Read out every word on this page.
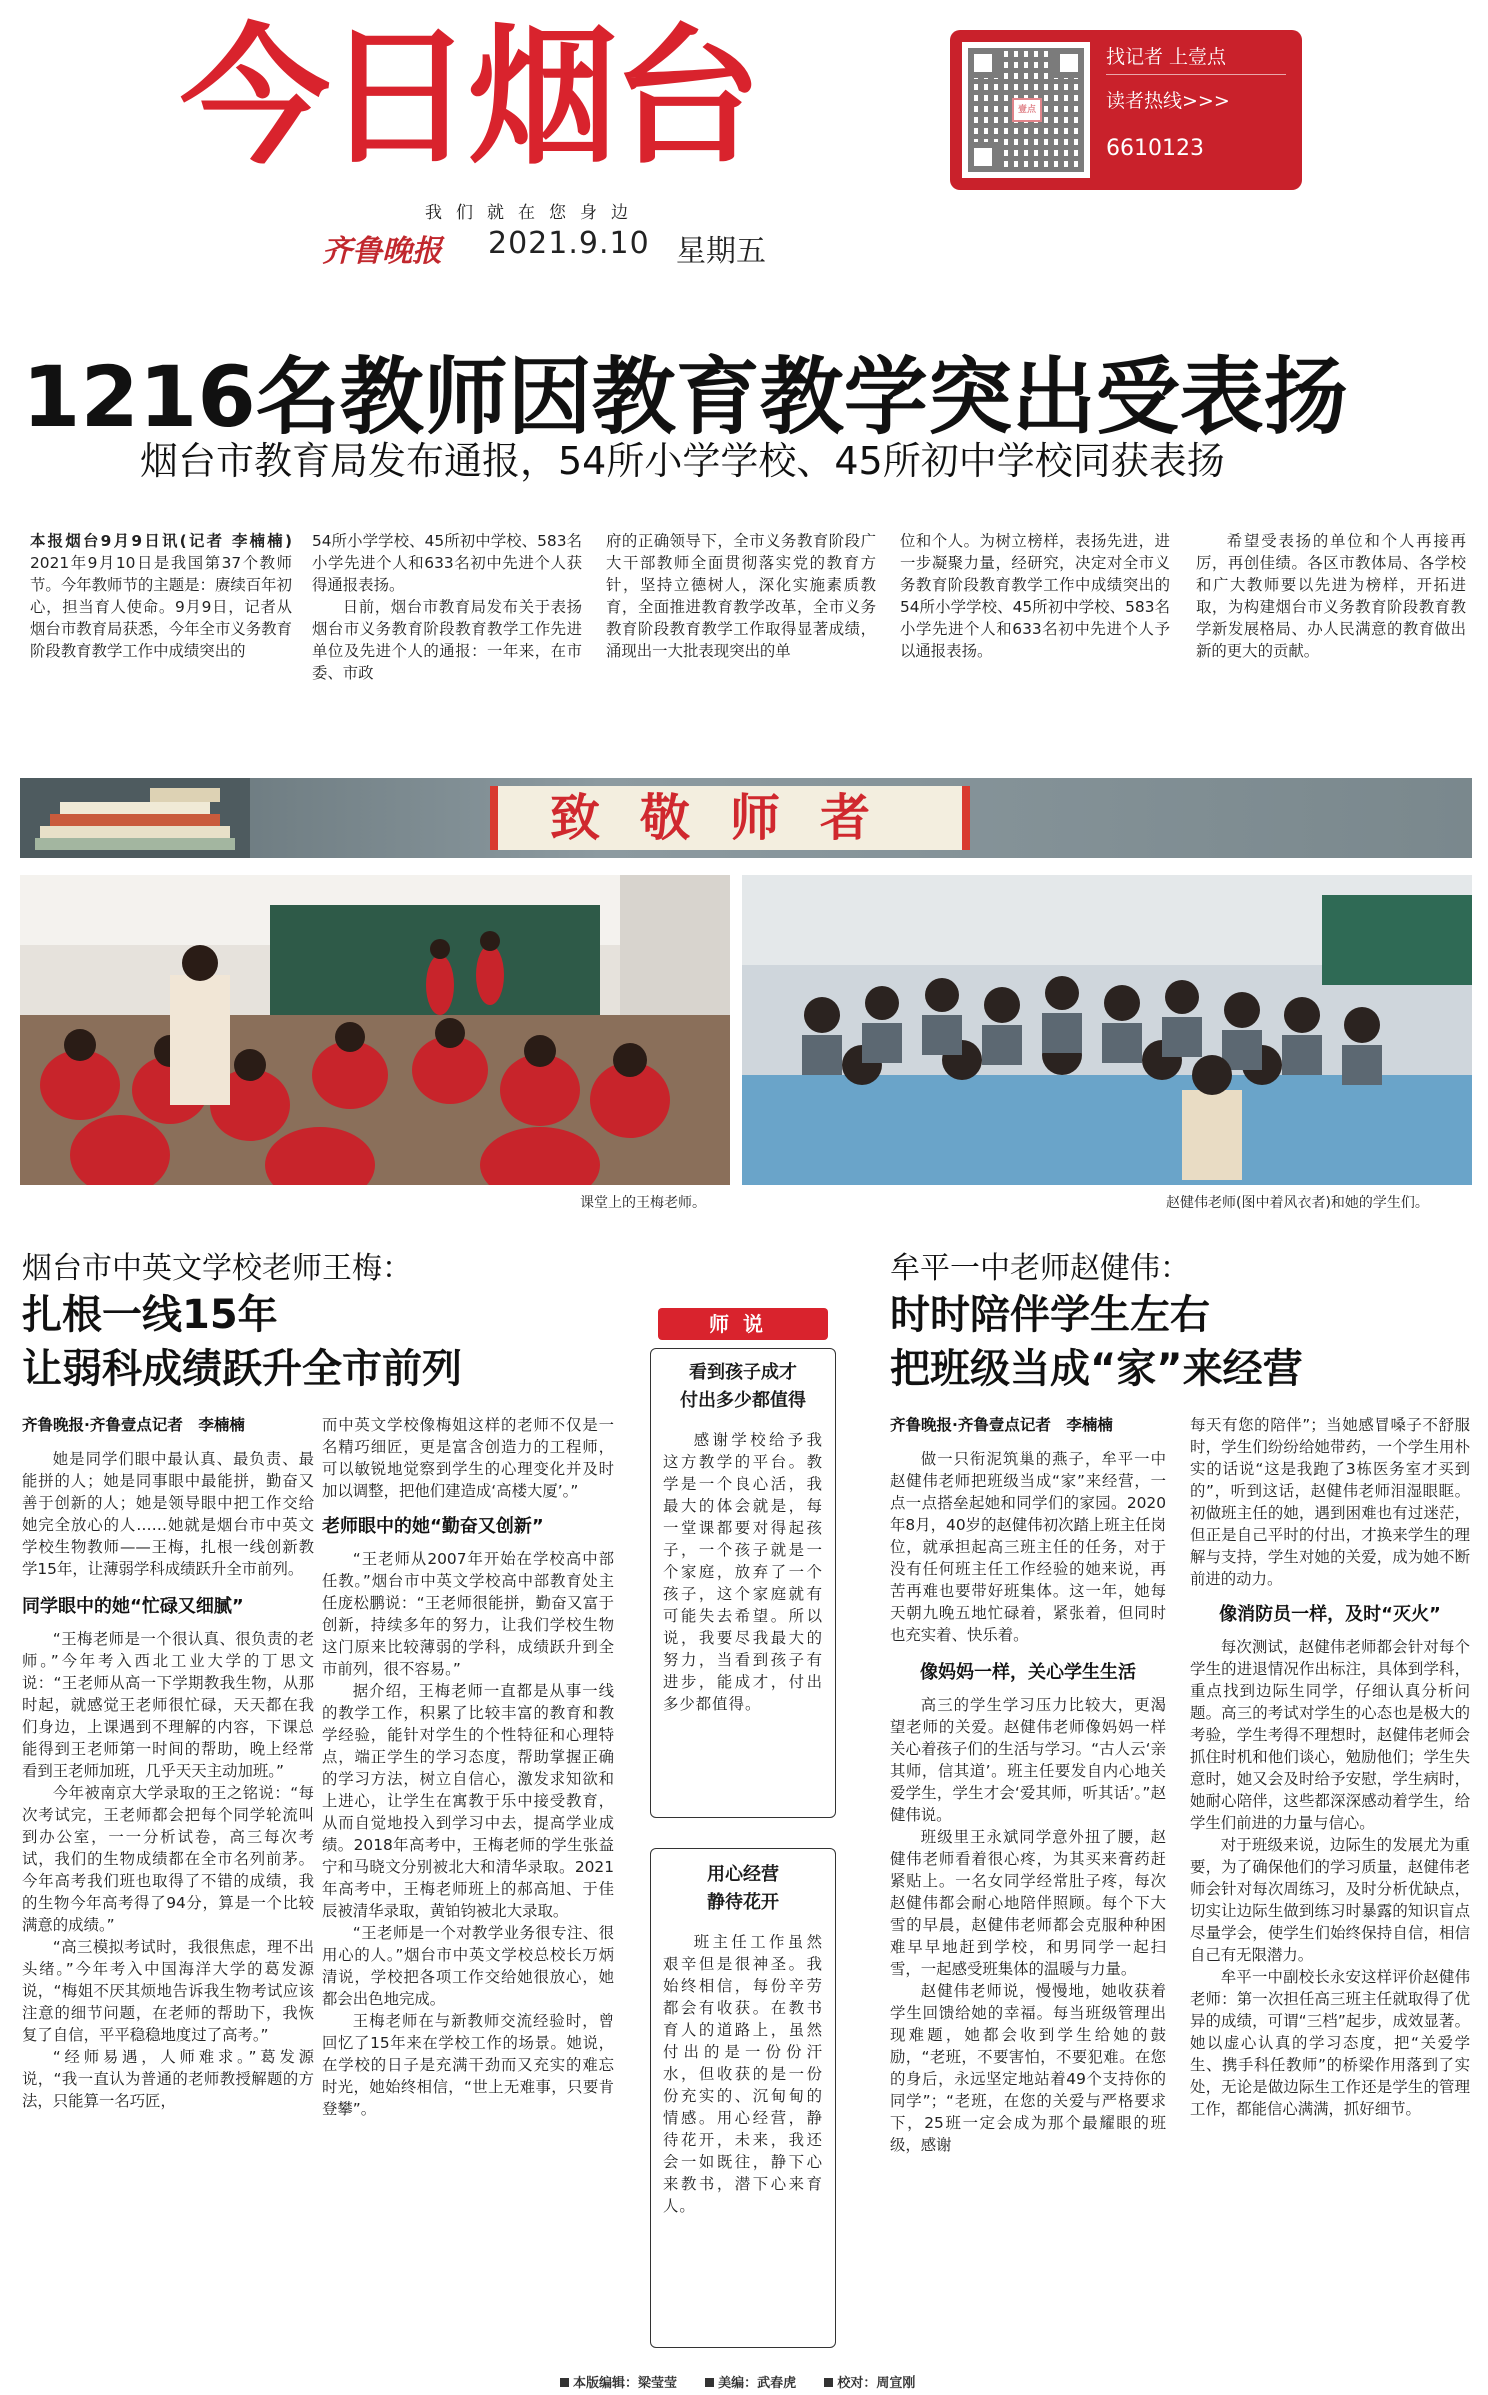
今日烟台
我们就在您身边
齐鲁晚报 2021.9.10 星期五
壹点
找记者 上壹点
读者热线>>>
6610123
1216名教师因教育教学突出受表扬
烟台市教育局发布通报，54所小学学校、45所初中学校同获表扬
本报烟台9月9日讯(记者 李楠楠) 2021年9月10日是我国第37个教师节。今年教师节的主题是：赓续百年初心，担当育人使命。9月9日，记者从烟台市教育局获悉，今年全市义务教育阶段教育教学工作中成绩突出的

54所小学学校、45所初中学校、583名小学先进个人和633名初中先进个人获得通报表扬。

日前，烟台市教育局发布关于表扬烟台市义务教育阶段教育教学工作先进单位及先进个人的通报：一年来，在市委、市政

府的正确领导下，全市义务教育阶段广大干部教师全面贯彻落实党的教育方针，坚持立德树人，深化实施素质教育，全面推进教育教学改革，全市义务教育阶段教育教学工作取得显著成绩，涌现出一大批表现突出的单
位和个人。为树立榜样，表扬先进，进一步凝聚力量，经研究，决定对全市义务教育阶段教育教学工作中成绩突出的54所小学学校、45所初中学校、583名小学先进个人和633名初中先进个人予以通报表扬。

希望受表扬的单位和个人再接再厉，再创佳绩。各区市教体局、各学校和广大教师要以先进为榜样，开拓进取，为构建烟台市义务教育阶段教育教学新发展格局、办人民满意的教育做出新的更大的贡献。

致敬师者
课堂上的王梅老师。	赵健伟老师(图中着风衣者)和她的学生们。
烟台市中英文学校老师王梅：
扎根一线15年
让弱科成绩跃升全市前列

齐鲁晚报·齐鲁壹点记者　李楠楠

她是同学们眼中最认真、最负责、最能拼的人；她是同事眼中最能拼，勤奋又善于创新的人；她是领导眼中把工作交给她完全放心的人……她就是烟台市中英文学校生物教师——王梅，扎根一线创新教学15年，让薄弱学科成绩跃升全市前列。

同学眼中的她“忙碌又细腻”

“王梅老师是一个很认真、很负责的老师。”今年考入西北工业大学的丁思文说：“王老师从高一下学期教我生物，从那时起，就感觉王老师很忙碌，天天都在我们身边，上课遇到不理解的内容，下课总能得到王老师第一时间的帮助，晚上经常看到王老师加班，几乎天天主动加班。”

今年被南京大学录取的王之铭说：“每次考试完，王老师都会把每个同学轮流叫到办公室，一一分析试卷，高三每次考试，我们的生物成绩都在全市名列前茅。今年高考我们班也取得了不错的成绩，我的生物今年高考得了94分，算是一个比较满意的成绩。”

“高三模拟考试时，我很焦虑，理不出头绪。”今年考入中国海洋大学的葛发源说，“梅姐不厌其烦地告诉我生物考试应该注意的细节问题，在老师的帮助下，我恢复了自信，平平稳稳地度过了高考。”

“经师易遇，人师难求。”葛发源说，“我一直认为普通的老师教授解题的方法，只能算一名巧匠，

而中英文学校像梅姐这样的老师不仅是一名精巧细匠，更是富含创造力的工程师，可以敏锐地觉察到学生的心理变化并及时加以调整，把他们建造成‘高楼大厦’。”

老师眼中的她“勤奋又创新”

“王老师从2007年开始在学校高中部任教。”烟台市中英文学校高中部教育处主任庞松鹏说：“王老师很能拼，勤奋又富于创新，持续多年的努力，让我们学校生物这门原来比较薄弱的学科，成绩跃升到全市前列，很不容易。”

据介绍，王梅老师一直都是从事一线的教学工作，积累了比较丰富的教育和教学经验，能针对学生的个性特征和心理特点，端正学生的学习态度，帮助掌握正确的学习方法，树立自信心，激发求知欲和上进心，让学生在寓教于乐中接受教育，从而自觉地投入到学习中去，提高学业成绩。2018年高考中，王梅老师的学生张益宁和马晓文分别被北大和清华录取。2021年高考中，王梅老师班上的郝高旭、于佳辰被清华录取，黄铂钧被北大录取。

“王老师是一个对教学业务很专注、很用心的人。”烟台市中英文学校总校长万炳清说，学校把各项工作交给她很放心，她都会出色地完成。

王梅老师在与新教师交流经验时，曾回忆了15年来在学校工作的场景。她说，在学校的日子是充满干劲而又充实的难忘时光，她始终相信，“世上无难事，只要肯登攀”。

师说
看到孩子成才
付出多少都值得
感谢学校给予我这方教学的平台。教学是一个良心活，我最大的体会就是，每一堂课都要对得起孩子，一个孩子就是一个家庭，放弃了一个孩子，这个家庭就有可能失去希望。所以说，我要尽我最大的努力，当看到孩子有进步，能成才，付出多少都值得。
用心经营
静待花开
班主任工作虽然艰辛但是很神圣。我始终相信，每份辛劳都会有收获。在教书育人的道路上，虽然付出的是一份份汗水，但收获的是一份份充实的、沉甸甸的情感。用心经营，静待花开，未来，我还会一如既往，静下心来教书，潜下心来育人。
牟平一中老师赵健伟：
时时陪伴学生左右
把班级当成“家”来经营

齐鲁晚报·齐鲁壹点记者　李楠楠

做一只衔泥筑巢的燕子，牟平一中赵健伟老师把班级当成“家”来经营，一点一点搭垒起她和同学们的家园。2020年8月，40岁的赵健伟初次踏上班主任岗位，就承担起高三班主任的任务，对于没有任何班主任工作经验的她来说，再苦再难也要带好班集体。这一年，她每天朝九晚五地忙碌着，紧张着，但同时也充实着、快乐着。

像妈妈一样，关心学生生活

高三的学生学习压力比较大，更渴望老师的关爱。赵健伟老师像妈妈一样关心着孩子们的生活与学习。“古人云‘亲其师，信其道’。班主任要发自内心地关爱学生，学生才会‘爱其师，听其话’。”赵健伟说。

班级里王永斌同学意外扭了腰，赵健伟老师看着很心疼，为其买来膏药赶紧贴上。一名女同学经常肚子疼，每次赵健伟都会耐心地陪伴照顾。每个下大雪的早晨，赵健伟老师都会克服种种困难早早地赶到学校，和男同学一起扫雪，一起感受班集体的温暖与力量。

赵健伟老师说，慢慢地，她收获着学生回馈给她的幸福。每当班级管理出现难题，她都会收到学生给她的鼓励，“老班，不要害怕，不要犯难。在您的身后，永远坚定地站着49个支持你的同学”；“老班，在您的关爱与严格要求下，25班一定会成为那个最耀眼的班级，感谢

每天有您的陪伴”；当她感冒嗓子不舒服时，学生们纷纷给她带药，一个学生用朴实的话说“这是我跑了3栋医务室才买到的”，听到这话，赵健伟老师泪湿眼眶。初做班主任的她，遇到困难也有过迷茫，但正是自己平时的付出，才换来学生的理解与支持，学生对她的关爱，成为她不断前进的动力。

像消防员一样，及时“灭火”

每次测试，赵健伟老师都会针对每个学生的进退情况作出标注，具体到学科，重点找到边际生同学，仔细认真分析问题。高三的考试对学生的心态也是极大的考验，学生考得不理想时，赵健伟老师会抓住时机和他们谈心，勉励他们；学生失意时，她又会及时给予安慰，学生病时，她耐心陪伴，这些都深深感动着学生，给学生们前进的力量与信心。

对于班级来说，边际生的发展尤为重要，为了确保他们的学习质量，赵健伟老师会针对每次周练习，及时分析优缺点，切实让边际生做到练习时暴露的知识盲点尽量学会，使学生们始终保持自信，相信自己有无限潜力。

牟平一中副校长永安这样评价赵健伟老师：第一次担任高三班主任就取得了优异的成绩，可谓“三档”起步，成效显著。她以虚心认真的学习态度，把“关爱学生、携手科任教师”的桥梁作用落到了实处，无论是做边际生工作还是学生的管理工作，都能信心满满，抓好细节。

本版编辑：梁莹莹	美编：武春虎	校对：周宣刚
